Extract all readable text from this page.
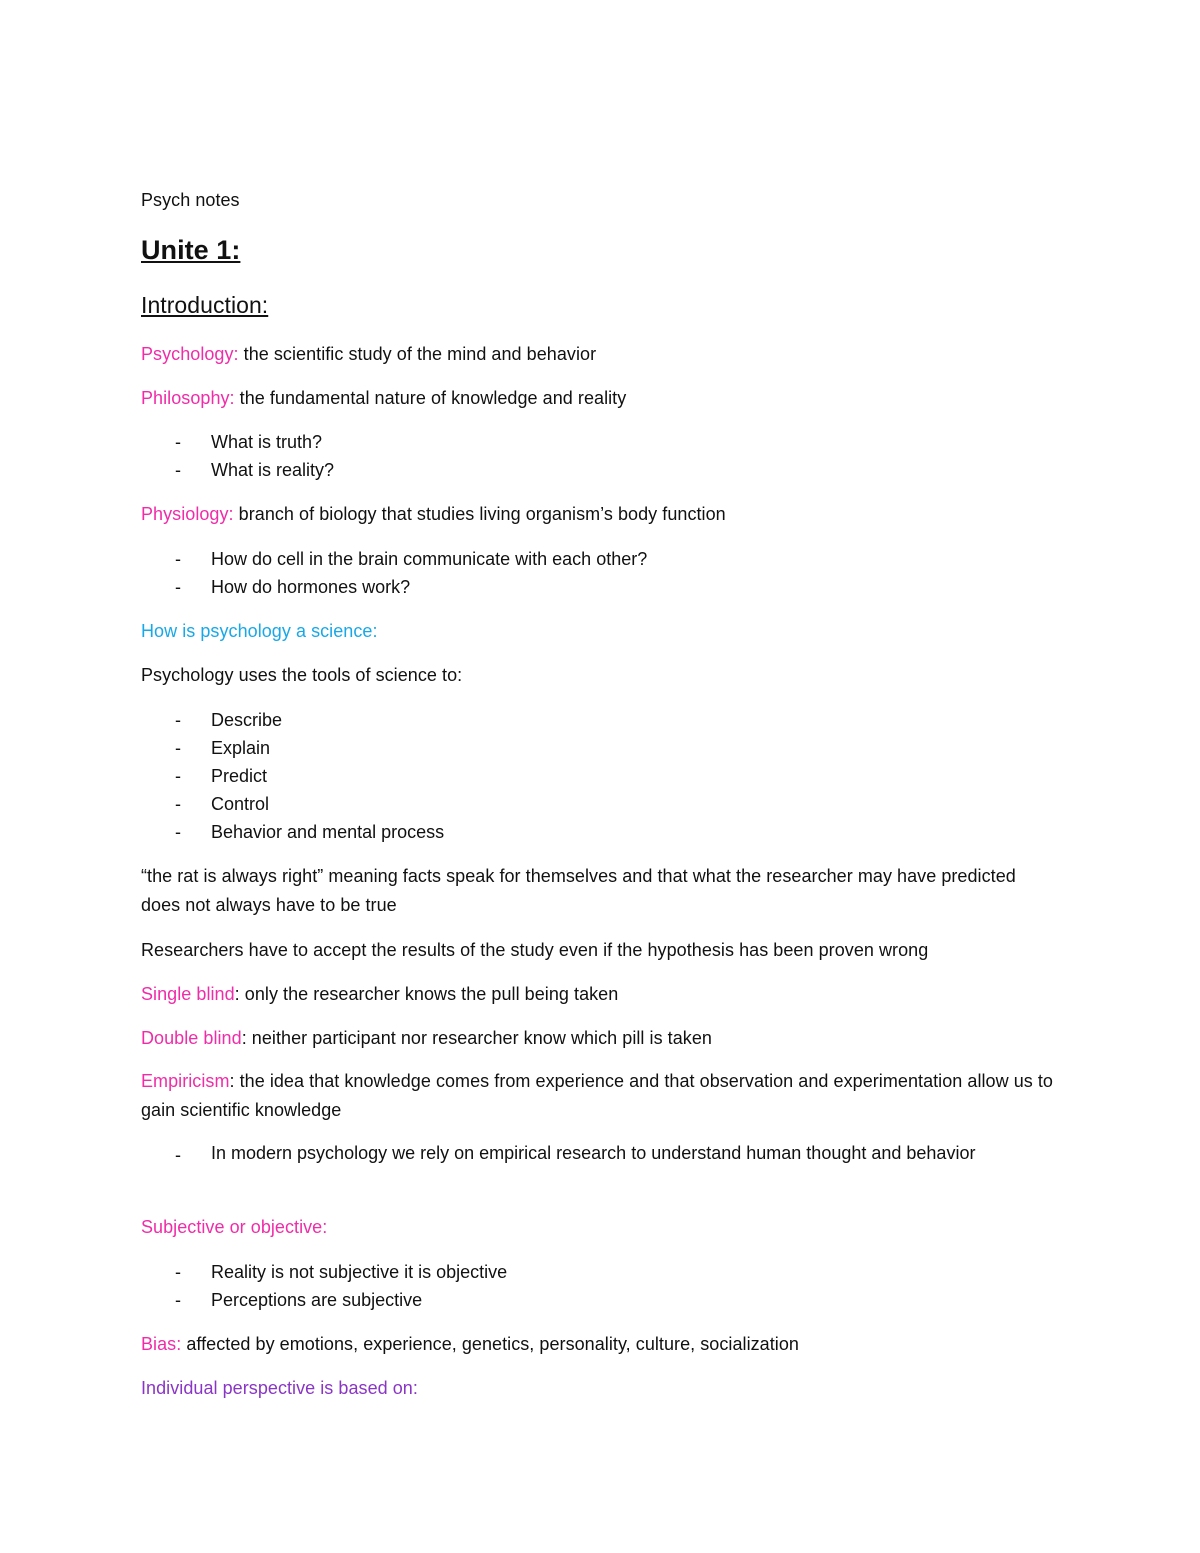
Psych notes
Unite 1:
Introduction:
Psychology: the scientific study of the mind and behavior
Philosophy: the fundamental nature of knowledge and reality
- What is truth?
- What is reality?
Physiology: branch of biology that studies living organism’s body function
- How do cell in the brain communicate with each other?
- How do hormones work?
How is psychology a science:
Psychology uses the tools of science to:
- Describe
- Explain
- Predict
- Control
- Behavior and mental process
“the rat is always right” meaning facts speak for themselves and that what the researcher may have predicted does not always have to be true
Researchers have to accept the results of the study even if the hypothesis has been proven wrong
Single blind: only the researcher knows the pull being taken
Double blind: neither participant nor researcher know which pill is taken
Empiricism: the idea that knowledge comes from experience and that observation and experimentation allow us to gain scientific knowledge
- In modern psychology we rely on empirical research to understand human thought and behavior
Subjective or objective:
- Reality is not subjective it is objective
- Perceptions are subjective
Bias: affected by emotions, experience, genetics, personality, culture, socialization
Individual perspective is based on:
